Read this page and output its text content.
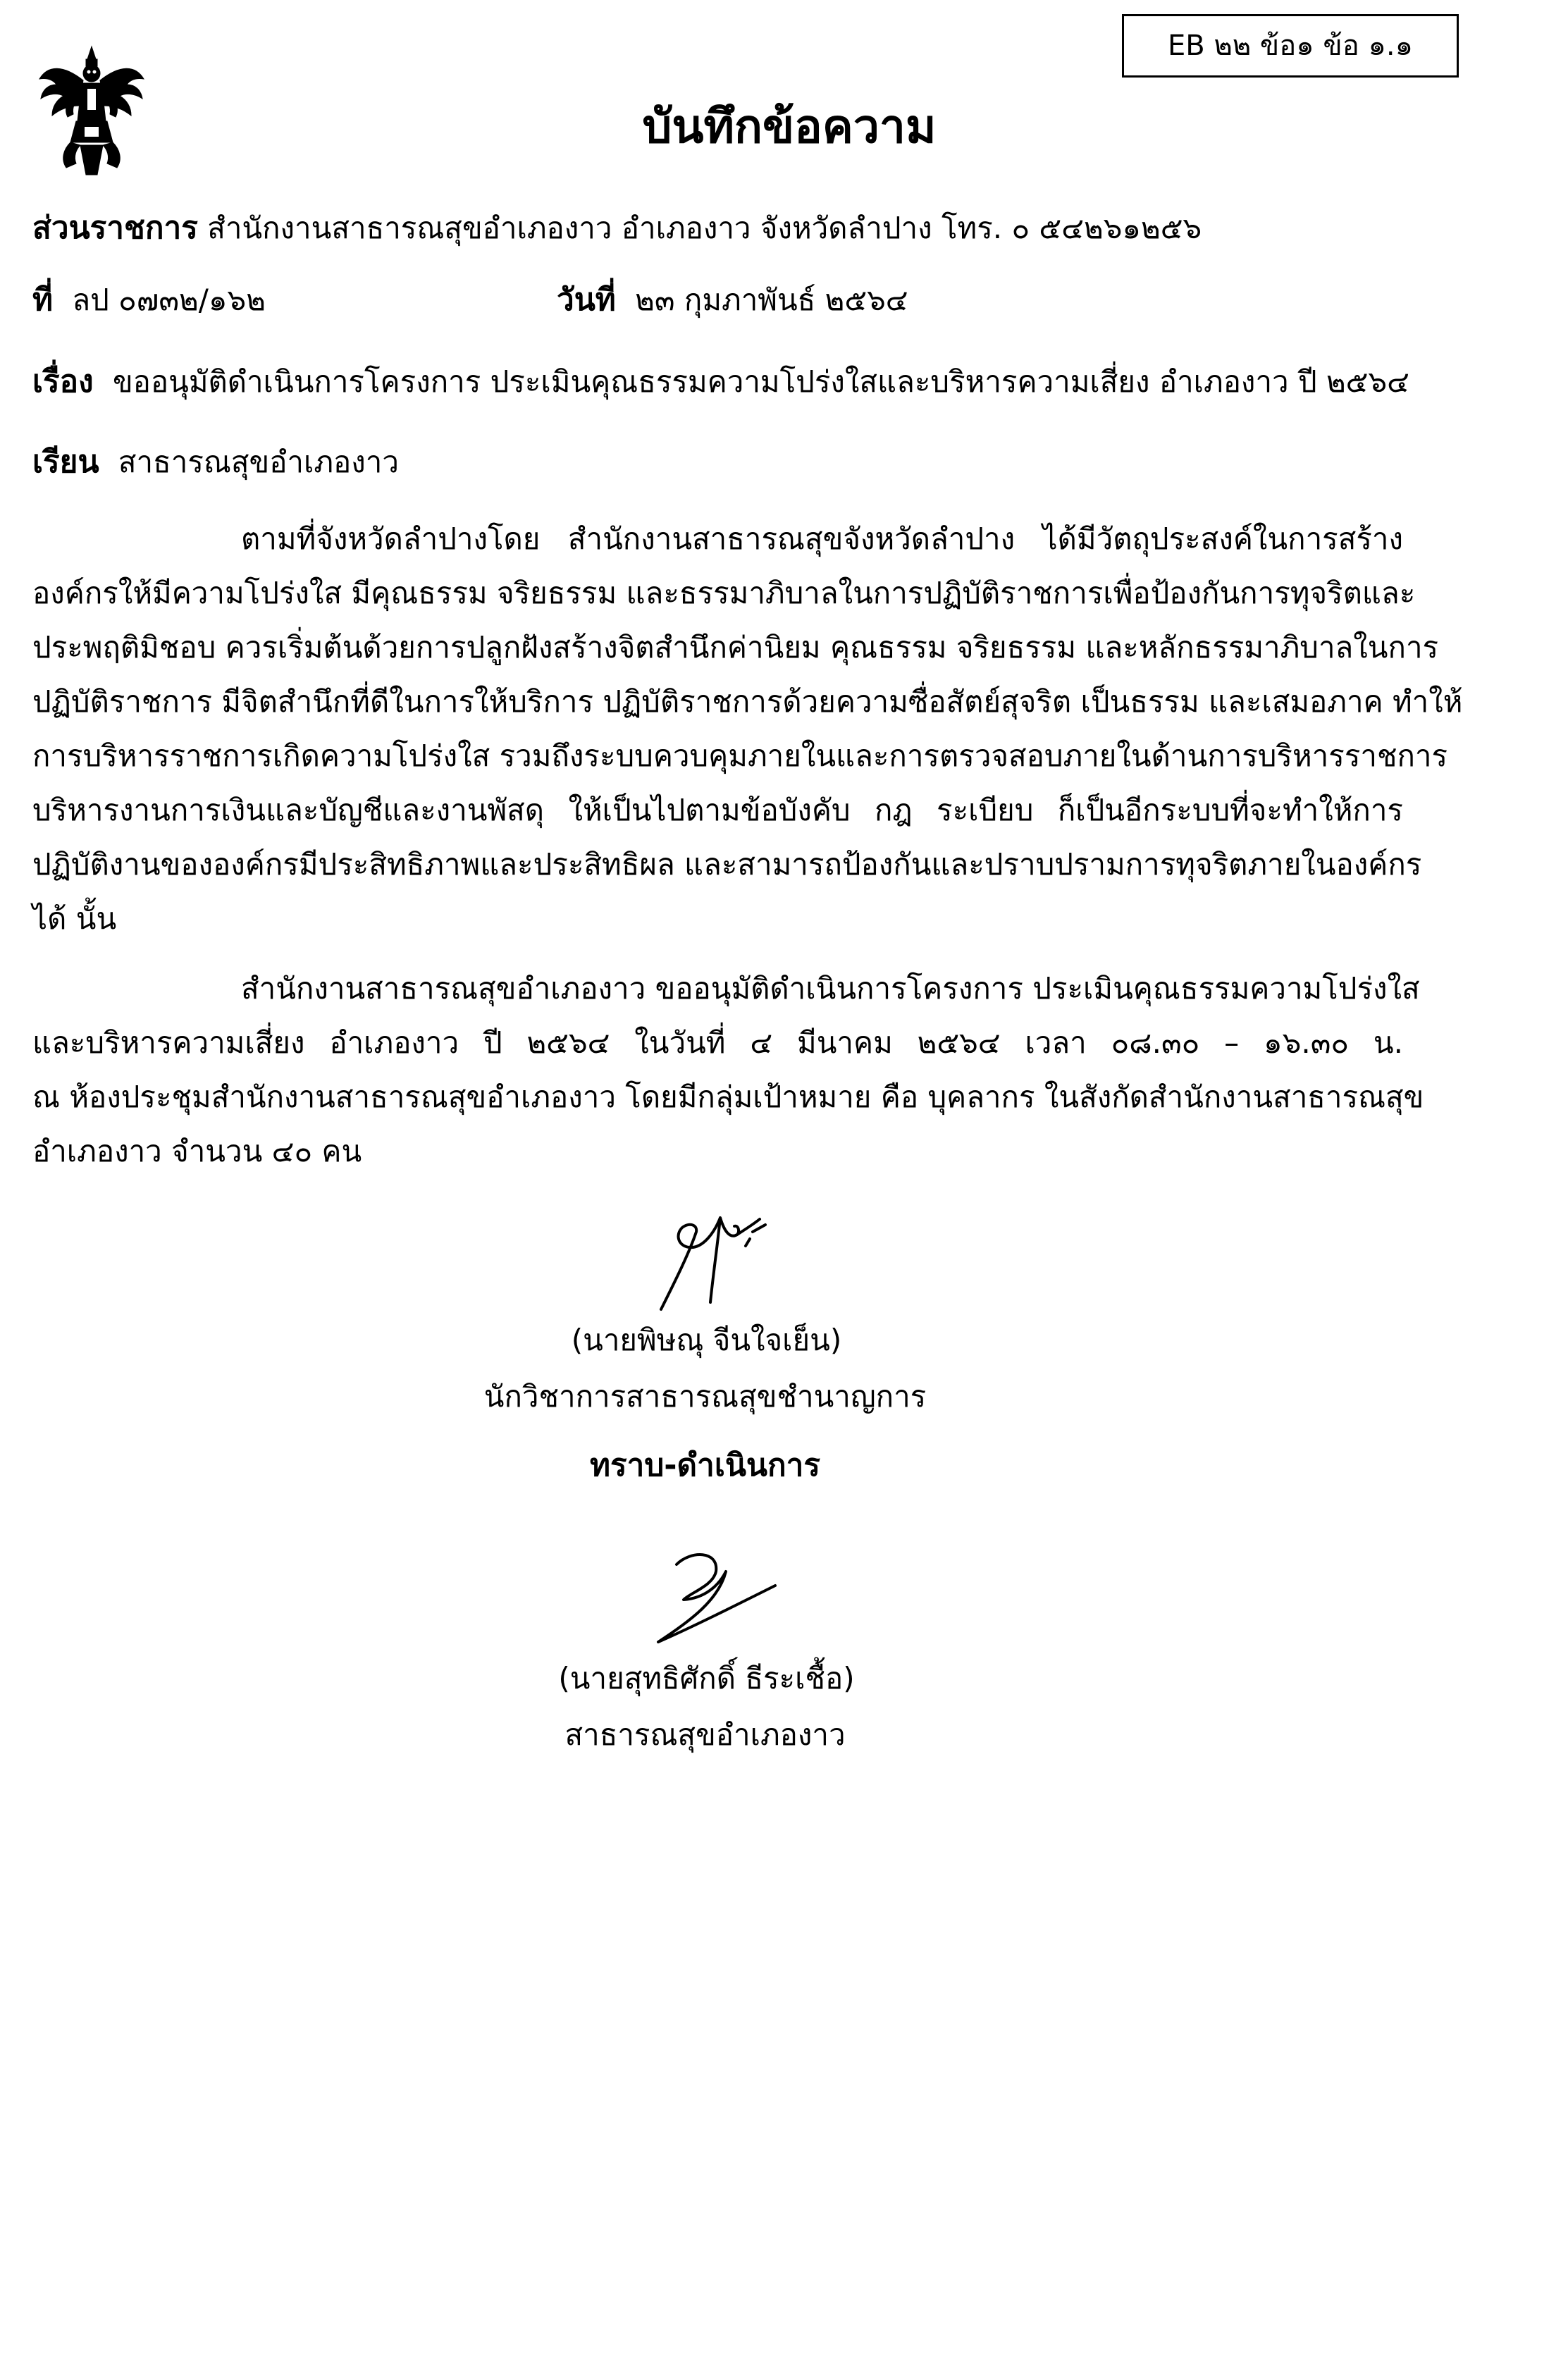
EB ๒๒ ข้อ๑ ข้อ ๑.๑
บันทึกข้อความ
ส่วนราชการ สำนักงานสาธารณสุขอำเภองาว อำเภองาว จังหวัดลำปาง โทร. ๐ ๕๔๒๖๑๒๕๖
ที่ ลป ๐๗๓๒/๑๖๒	วันที่ ๒๓ กุมภาพันธ์ ๒๕๖๔
เรื่อง ขออนุมัติดำเนินการโครงการ ประเมินคุณธรรมความโปร่งใสและบริหารความเสี่ยง อำเภองาว ปี ๒๕๖๔
เรียน สาธารณสุขอำเภองาว
ตามที่จังหวัดลำปางโดย สำนักงานสาธารณสุขจังหวัดลำปาง ได้มีวัตถุประสงค์ในการสร้าง
องค์กรให้มีความโปร่งใส มีคุณธรรม จริยธรรม และธรรมาภิบาลในการปฏิบัติราชการเพื่อป้องกันการทุจริตและ
ประพฤติมิชอบ ควรเริ่มต้นด้วยการปลูกฝังสร้างจิตสำนึกค่านิยม คุณธรรม จริยธรรม และหลักธรรมาภิบาลในการ
ปฏิบัติราชการ มีจิตสำนึกที่ดีในการให้บริการ ปฏิบัติราชการด้วยความซื่อสัตย์สุจริต เป็นธรรม และเสมอภาค ทำให้
การบริหารราชการเกิดความโปร่งใส รวมถึงระบบควบคุมภายในและการตรวจสอบภายในด้านการบริหารราชการ
บริหารงานการเงินและบัญชีและงานพัสดุ ให้เป็นไปตามข้อบังคับ กฎ ระเบียบ ก็เป็นอีกระบบที่จะทำให้การ
ปฏิบัติงานขององค์กรมีประสิทธิภาพและประสิทธิผล และสามารถป้องกันและปราบปรามการทุจริตภายในองค์กร
ได้ นั้น
สำนักงานสาธารณสุขอำเภองาว ขออนุมัติดำเนินการโครงการ ประเมินคุณธรรมความโปร่งใส
และบริหารความเสี่ยง อำเภองาว ปี ๒๕๖๔ ในวันที่ ๔ มีนาคม ๒๕๖๔ เวลา ๐๘.๓๐ – ๑๖.๓๐ น.
ณ ห้องประชุมสำนักงานสาธารณสุขอำเภองาว โดยมีกลุ่มเป้าหมาย คือ บุคลากร ในสังกัดสำนักงานสาธารณสุข
อำเภองาว จำนวน ๔๐ คน
(นายพิษณุ จีนใจเย็น)
นักวิชาการสาธารณสุขชำนาญการ
ทราบ-ดำเนินการ
(นายสุทธิศักดิ์ ธีระเชื้อ)
สาธารณสุขอำเภองาว
